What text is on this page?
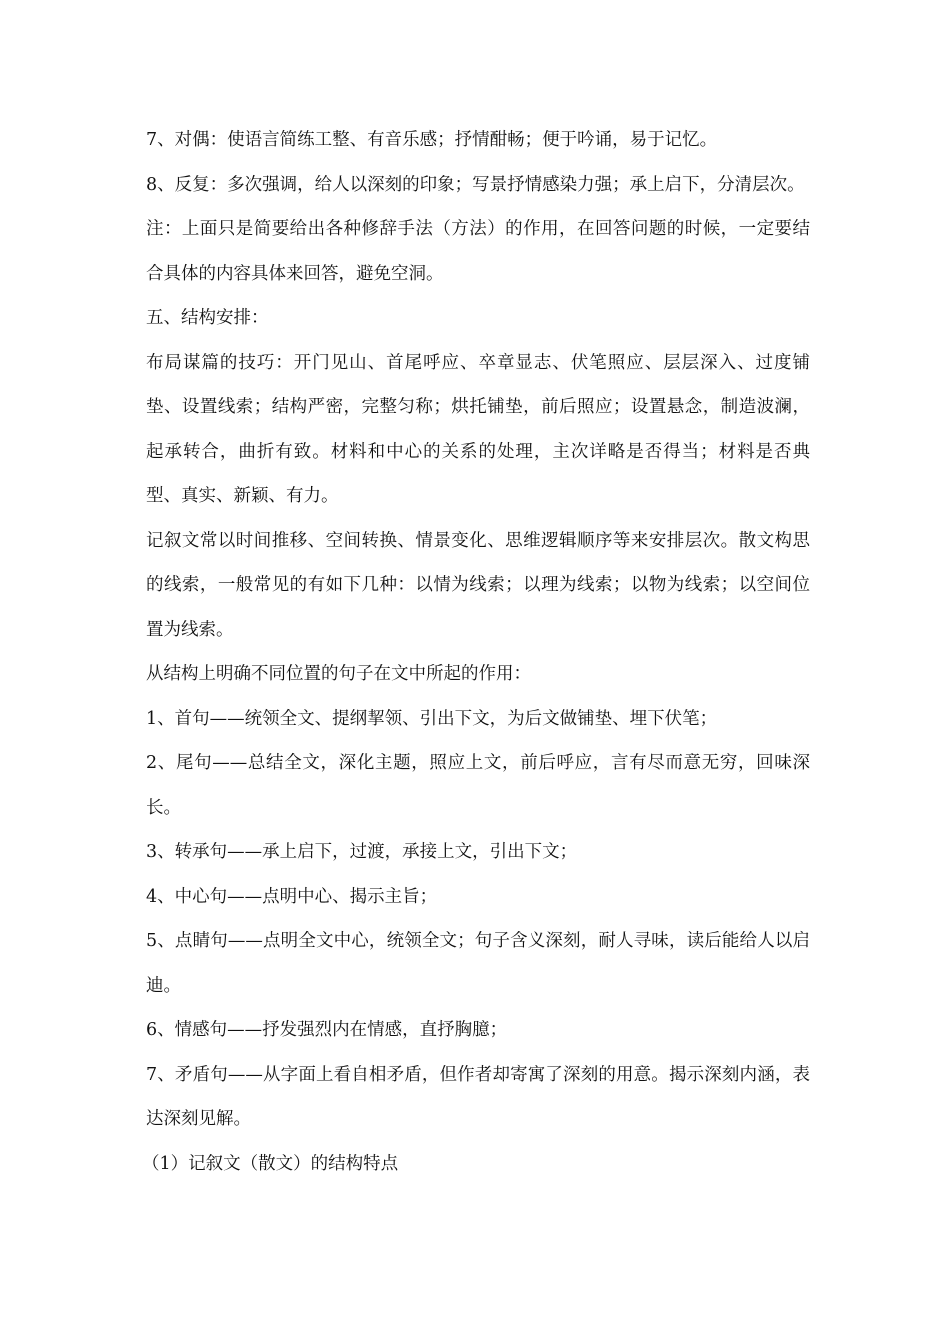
7、对偶：使语言简练工整、有音乐感；抒情酣畅；便于吟诵，易于记忆。

8、反复：多次强调，给人以深刻的印象；写景抒情感染力强；承上启下，分清层次。

注：上面只是简要给出各种修辞手法（方法）的作用，在回答问题的时候，一定要结合具体的内容具体来回答，避免空洞。

五、结构安排：

布局谋篇的技巧：开门见山、首尾呼应、卒章显志、伏笔照应、层层深入、过度铺垫、设置线索；结构严密，完整匀称；烘托铺垫，前后照应；设置悬念，制造波澜，起承转合，曲折有致。材料和中心的关系的处理，主次详略是否得当；材料是否典型、真实、新颖、有力。

记叙文常以时间推移、空间转换、情景变化、思维逻辑顺序等来安排层次。散文构思的线索，一般常见的有如下几种：以情为线索；以理为线索；以物为线索；以空间位置为线索。

从结构上明确不同位置的句子在文中所起的作用：

1、首句——统领全文、提纲挈领、引出下文，为后文做铺垫、埋下伏笔；

2、尾句——总结全文，深化主题，照应上文，前后呼应，言有尽而意无穷，回味深长。

3、转承句——承上启下，过渡，承接上文，引出下文；

4、中心句——点明中心、揭示主旨；

5、点睛句——点明全文中心，统领全文；句子含义深刻，耐人寻味，读后能给人以启迪。

6、情感句——抒发强烈内在情感，直抒胸臆；

7、矛盾句——从字面上看自相矛盾，但作者却寄寓了深刻的用意。揭示深刻内涵，表达深刻见解。

（1）记叙文（散文）的结构特点
